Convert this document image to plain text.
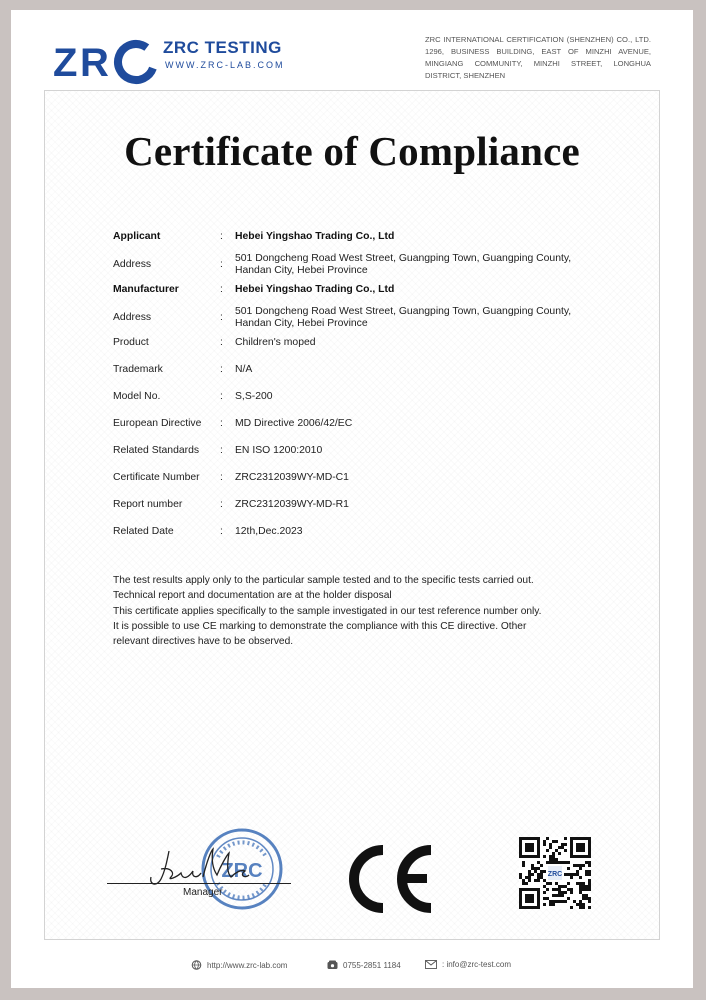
Z R	ZRC TESTING
WWW.ZRC-LAB.COM
ZRC INTERNATIONAL CERTIFICATION (SHENZHEN) CO., LTD. 1296, BUSINESS BUILDING, EAST OF MINZHI AVENUE, MINGIANG COMMUNITY, MINZHI STREET, LONGHUA DISTRICT, SHENZHEN
Certificate of Compliance
Applicant	: Hebei Yingshao Trading Co., Ltd
Address	:
501 Dongcheng Road West Street, Guangping Town, Guangping County, Handan City, Hebei Province
Manufacturer	: Hebei Yingshao Trading Co., Ltd
Address	:
501 Dongcheng Road West Street, Guangping Town, Guangping County, Handan City, Hebei Province
Product	: Children's moped
Trademark	: N/A
Model No.	: S,S-200
European Directive : MD Directive 2006/42/EC
Related Standards : EN ISO 1200:2010
Certificate Number : ZRC2312039WY-MD-C1
Report number	: ZRC2312039WY-MD-R1
Related Date	: 12th,Dec.2023
The test results apply only to the particular sample tested and to the specific tests carried out.
Technical report and documentation are at the holder disposal
This certificate applies specifically to the sample investigated in our test reference number only.
It is possible to use CE marking to demonstrate the compliance with this CE directive. Other
relevant directives have to be observed.
ZRC
Manager
ZRC
http://www.zrc-lab.com	0755-2851 1184	: info@zrc-test.com
